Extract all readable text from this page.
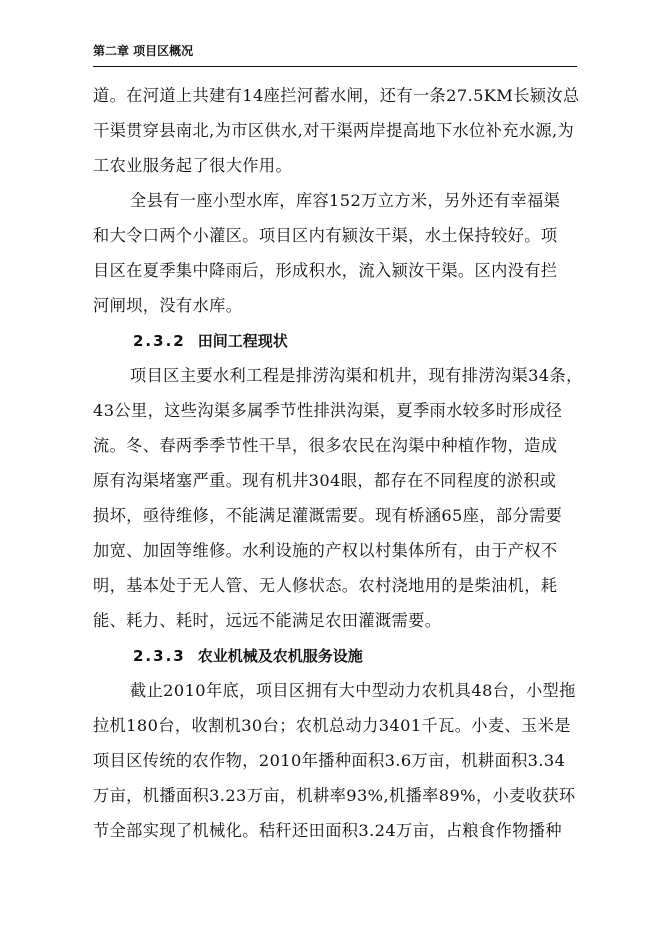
第二章 项目区概况
道。在河道上共建有14座拦河蓄水闸，还有一条27.5KM长颍汝总
干渠贯穿县南北,为市区供水,对干渠两岸提高地下水位补充水源,为
工农业服务起了很大作用。
全县有一座小型水库，库容152万立方米，另外还有幸福渠
和大令口两个小灌区。项目区内有颍汝干渠，水土保持较好。项
目区在夏季集中降雨后，形成积水，流入颍汝干渠。区内没有拦
河闸坝，没有水库。
2.3.2 田间工程现状
项目区主要水利工程是排涝沟渠和机井，现有排涝沟渠34条，
43公里，这些沟渠多属季节性排洪沟渠，夏季雨水较多时形成径
流。冬、春两季季节性干旱，很多农民在沟渠中种植作物，造成
原有沟渠堵塞严重。现有机井304眼，都存在不同程度的淤积或
损坏，亟待维修，不能满足灌溉需要。现有桥涵65座，部分需要
加宽、加固等维修。水利设施的产权以村集体所有，由于产权不
明，基本处于无人管、无人修状态。农村浇地用的是柴油机，耗
能、耗力、耗时，远远不能满足农田灌溉需要。
2.3.3 农业机械及农机服务设施
截止2010年底，项目区拥有大中型动力农机具48台，小型拖
拉机180台，收割机30台；农机总动力3401千瓦。小麦、玉米是
项目区传统的农作物，2010年播种面积3.6万亩，机耕面积3.34
万亩，机播面积3.23万亩，机耕率93%,机播率89%，小麦收获环
节全部实现了机械化。秸秆还田面积3.24万亩，占粮食作物播种
